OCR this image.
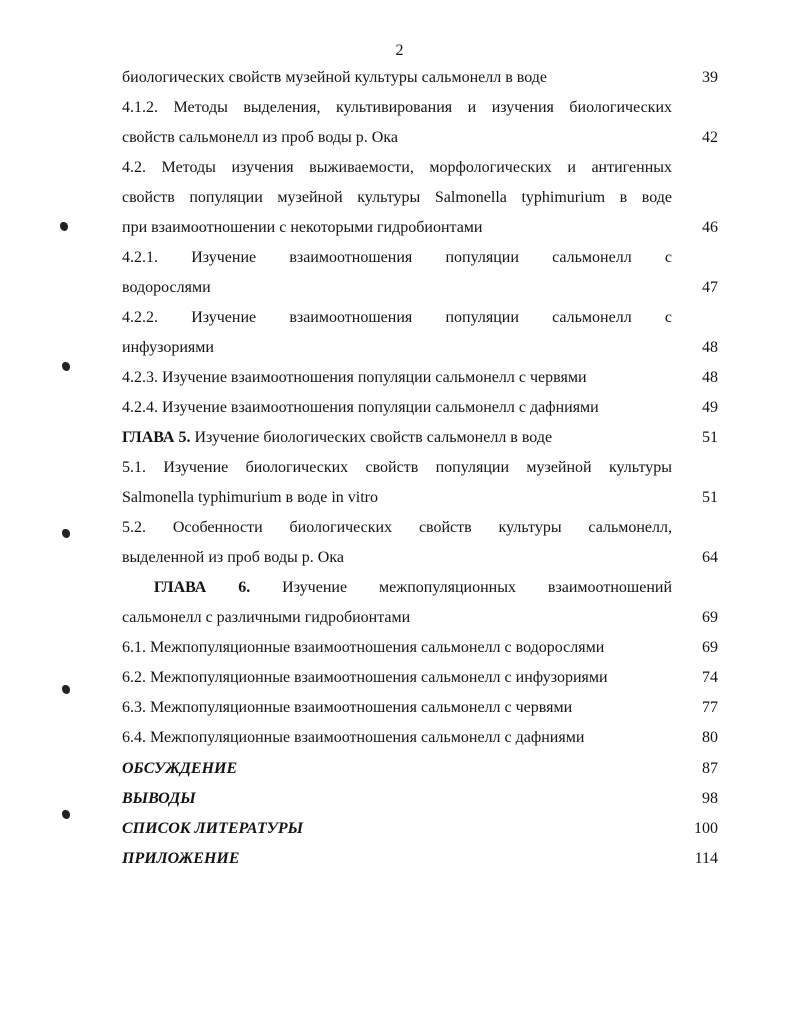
2
биологических свойств музейной культуры сальмонелл в воде	39
4.1.2. Методы выделения, культивирования и изучения биологических
свойств сальмонелл из проб воды р. Ока	42
4.2. Методы изучения выживаемости, морфологических и антигенных
свойств популяции музейной культуры Salmonella typhimurium в воде
при взаимоотношении с некоторыми гидробионтами	46
4.2.1. Изучение взаимоотношения популяции сальмонелл с
водорослями	47
4.2.2. Изучение взаимоотношения популяции сальмонелл с
инфузориями	48
4.2.3. Изучение взаимоотношения популяции сальмонелл с червями	48
4.2.4. Изучение взаимоотношения популяции сальмонелл с дафниями	49
ГЛАВА 5. Изучение биологических свойств сальмонелл в воде	51
5.1. Изучение биологических свойств популяции музейной культуры
Salmonella typhimurium в воде in vitro	51
5.2. Особенности биологических свойств культуры сальмонелл,
выделенной из проб воды р. Ока	64
ГЛАВА 6. Изучение межпопуляционных взаимоотношений
сальмонелл с различными гидробионтами	69
6.1. Межпопуляционные взаимоотношения сальмонелл с водорослями	69
6.2. Межпопуляционные взаимоотношения сальмонелл с инфузориями	74
6.3. Межпопуляционные взаимоотношения сальмонелл с червями	77
6.4. Межпопуляционные взаимоотношения сальмонелл с дафниями	80
ОБСУЖДЕНИЕ	87
ВЫВОДЫ	98
СПИСОК ЛИТЕРАТУРЫ	100
ПРИЛОЖЕНИЕ	114
